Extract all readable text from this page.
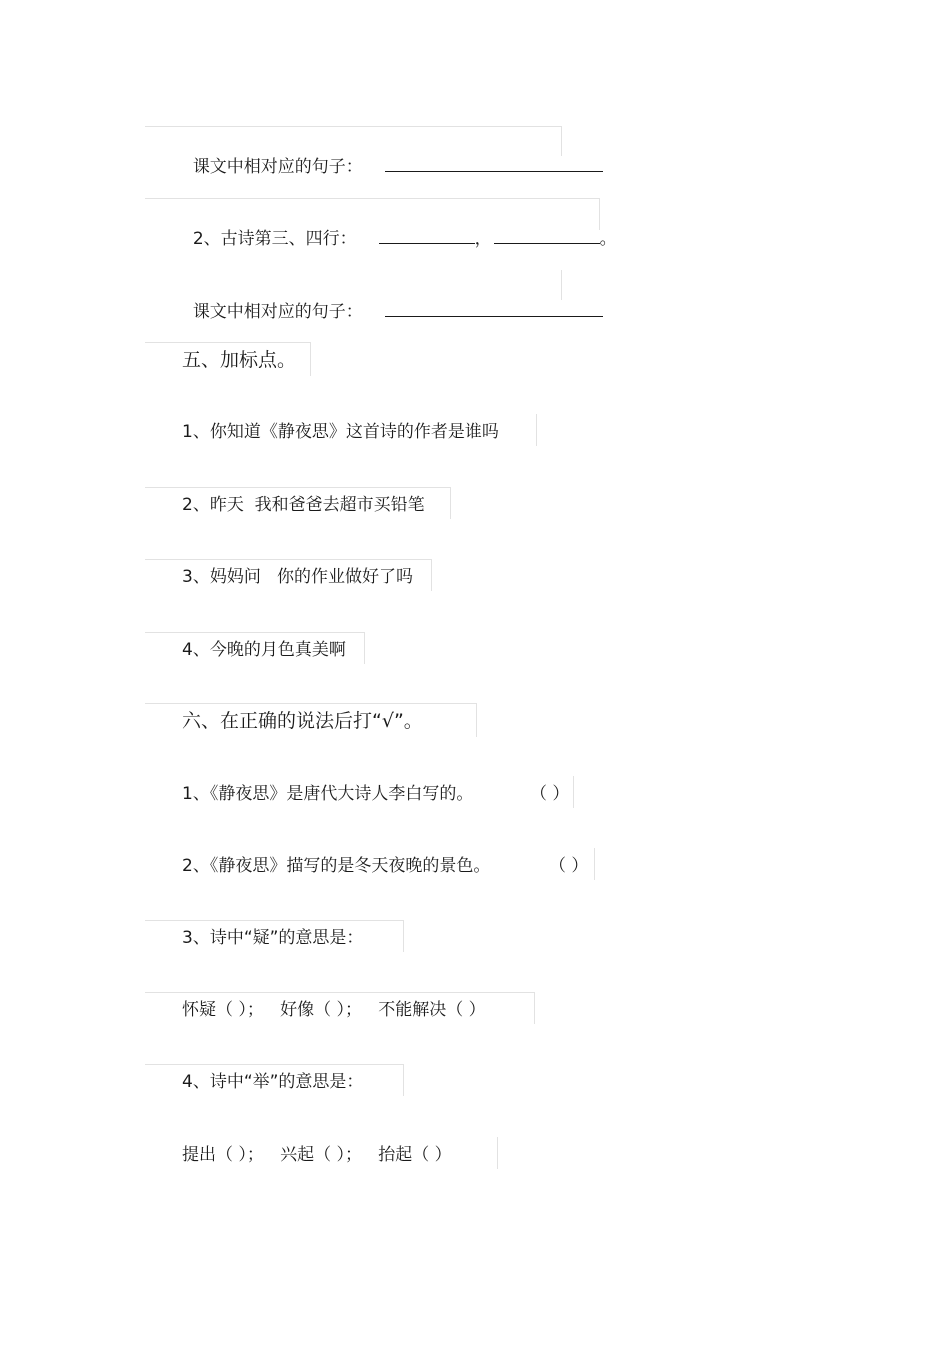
课文中相对应的句子：

2、古诗第三、四行：	，	。

课文中相对应的句子：

五、加标点。
1、你知道《静夜思》这首诗的作者是谁吗
2、昨天  我和爸爸去超市买铅笔
3、妈妈问   你的作业做好了吗
4、今晚的月色真美啊
六、在正确的说法后打“√”。
1、《静夜思》是唐代大诗人李白写的。	（ ）
2、《静夜思》描写的是冬天夜晚的景色。	（ ）
3、诗中“疑”的意思是：
怀疑（ ）；   好像（ ）；   不能解决（ ）
4、诗中“举”的意思是：
提出（ ）；   兴起（ ）；   抬起（ ）
